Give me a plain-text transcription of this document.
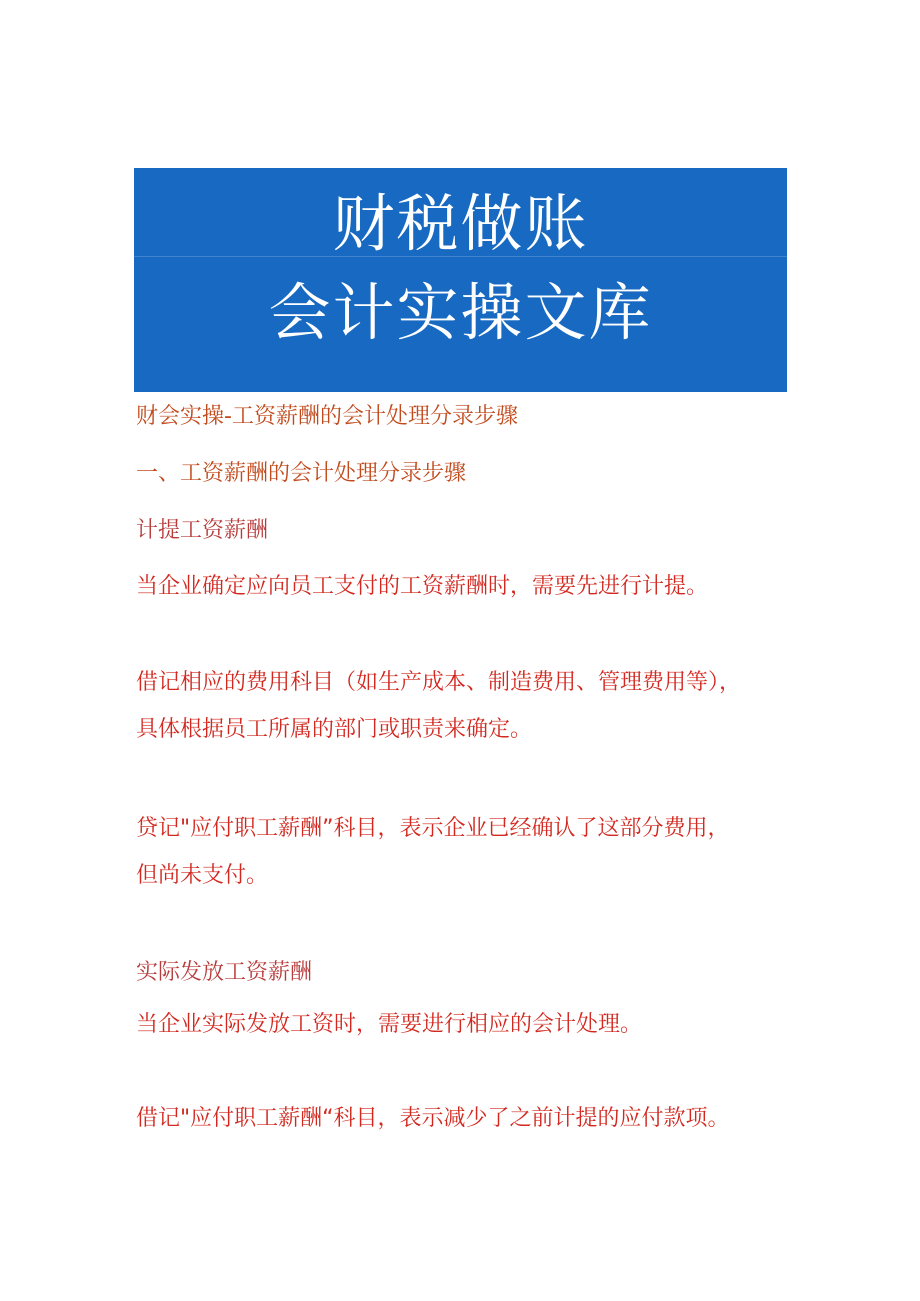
财税做账
会计实操文库
财会实操-工资薪酬的会计处理分录步骤
一、工资薪酬的会计处理分录步骤
计提工资薪酬
当企业确定应向员工支付的工资薪酬时，需要先进行计提。
借记相应的费用科目（如生产成本、制造费用、管理费用等），
具体根据员工所属的部门或职责来确定。
贷记"应付职工薪酬”科目，表示企业已经确认了这部分费用，
但尚未支付。
实际发放工资薪酬
当企业实际发放工资时，需要进行相应的会计处理。
借记"应付职工薪酬“科目，表示减少了之前计提的应付款项。
